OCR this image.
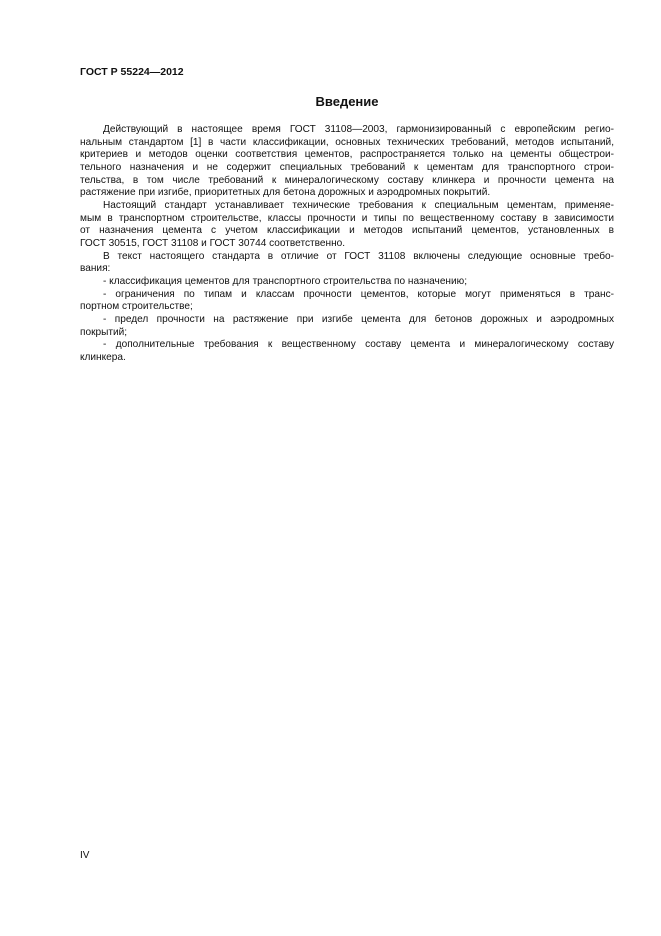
ГОСТ Р 55224—2012
Введение
Действующий в настоящее время ГОСТ 31108—2003, гармонизированный с европейским регио-
нальным стандартом [1] в части классификации, основных технических требований, методов испытаний,
критериев и методов оценки соответствия цементов, распространяется только на цементы общестрои-
тельного назначения и не содержит специальных требований к цементам для транспортного строи-
тельства, в том числе требований к минералогическому составу клинкера и прочности цемента на
растяжение при изгибе, приоритетных для бетона дорожных и аэродромных покрытий.
Настоящий стандарт устанавливает технические требования к специальным цементам, применяе-
мым в транспортном строительстве, классы прочности и типы по вещественному составу в зависимости
от назначения цемента с учетом классификации и методов испытаний цементов, установленных в
ГОСТ 30515, ГОСТ 31108 и ГОСТ 30744 соответственно.
В текст настоящего стандарта в отличие от ГОСТ 31108 включены следующие основные требо-
вания:
- классификация цементов для транспортного строительства по назначению;
- ограничения по типам и классам прочности цементов, которые могут применяться в транс-
портном строительстве;
- предел прочности на растяжение при изгибе цемента для бетонов дорожных и аэродромных
покрытий;
- дополнительные требования к вещественному составу цемента и минералогическому составу
клинкера.
IV
